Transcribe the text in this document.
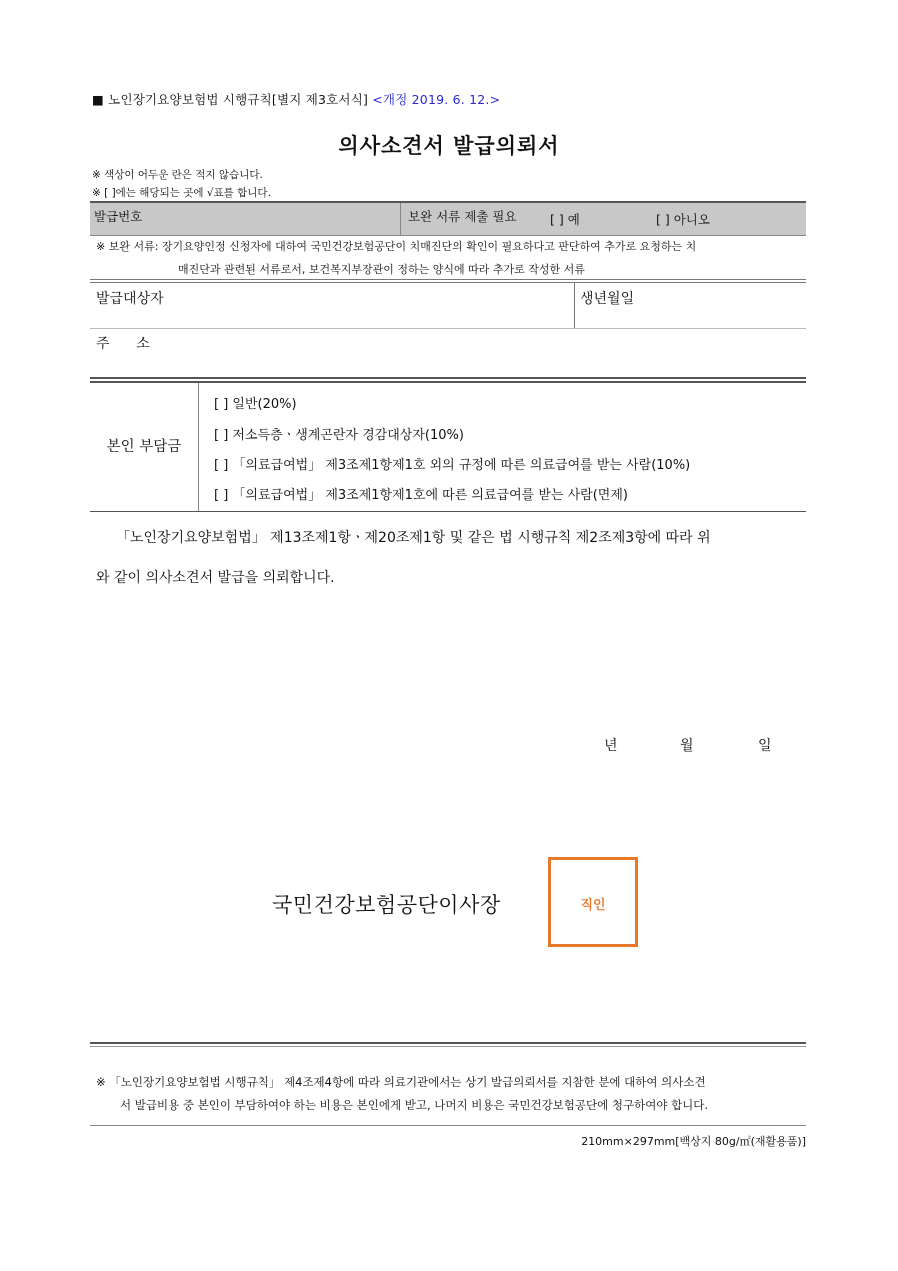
■ 노인장기요양보험법 시행규칙[별지 제3호서식] <개정 2019. 6. 12.>
의사소견서 발급의뢰서
※ 색상이 어두운 란은 적지 않습니다.
※ [ ]에는 해당되는 곳에 √표를 합니다.
발급번호	보완 서류 제출 필요	[ ] 예	[ ] 아니오
※ 보완 서류: 장기요양인정 신청자에 대하여 국민건강보험공단이 치매진단의 확인이 필요하다고 판단하여 추가로 요청하는 치
매진단과 관련된 서류로서, 보건복지부장관이 정하는 양식에 따라 추가로 작성한 서류
발급대상자	생년월일
주      소
본인 부담금
[ ] 일반(20%)
[ ] 저소득층ㆍ생계곤란자 경감대상자(10%)
[ ] 「의료급여법」 제3조제1항제1호 외의 규정에 따른 의료급여를 받는 사람(10%)
[ ] 「의료급여법」 제3조제1항제1호에 따른 의료급여를 받는 사람(면제)
「노인장기요양보험법」 제13조제1항ㆍ제20조제1항 및 같은 법 시행규칙 제2조제3항에 따라 위
와 같이 의사소견서 발급을 의뢰합니다.
년	월	일
국민건강보험공단이사장	직인
※ 「노인장기요양보험법 시행규칙」 제4조제4항에 따라 의료기관에서는 상기 발급의뢰서를 지참한 분에 대하여 의사소견
서 발급비용 중 본인이 부담하여야 하는 비용은 본인에게 받고, 나머지 비용은 국민건강보험공단에 청구하여야 합니다.
210mm×297mm[백상지 80g/㎡(재활용품)]
